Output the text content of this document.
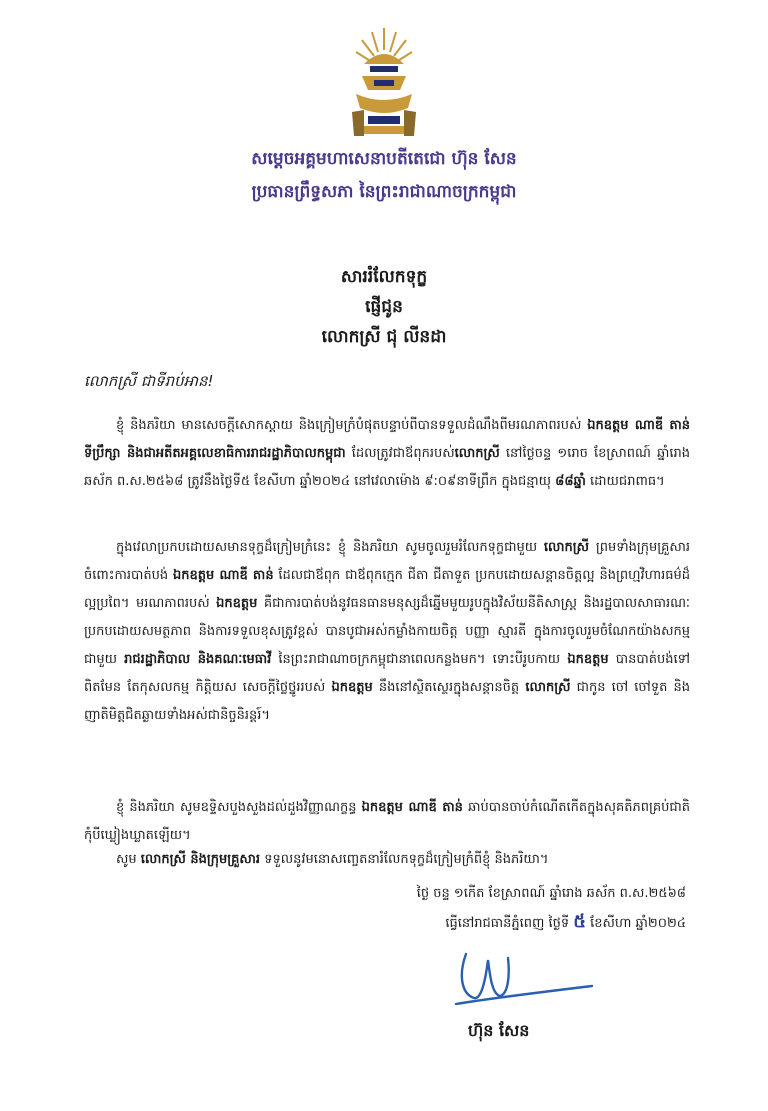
សម្តេចអគ្គមហាសេនាបតីតេជោ ហ៊ុន សែន
ប្រធានព្រឹទ្ធសភា នៃព្រះរាជាណាចក្រកម្ពុជា
សាររំលែកទុក្ខ
ផ្ញើជូន
លោកស្រី ជុ លីនដា
លោកស្រី ជាទីរាប់អាន!
ខ្ញុំ និងភរិយា មានសេចក្តីសោកស្តាយ និងក្រៀមក្រំបំផុតបន្ទាប់ពីបានទទួលដំណឹងពីមរណភាពរបស់ ឯកឧត្តម ណាឌី តាន់ ទីប្រឹក្សា និងជាអតីតអគ្គលេខាធិការរាជរដ្ឋាភិបាលកម្ពុជា ដែលត្រូវជាឪពុករបស់លោកស្រី នៅថ្ងៃចន្ទ ១រោច ខែស្រាពណ៍ ឆ្នាំរោង ឆស័ក ព.ស.២៥៦៨ ត្រូវនឹងថ្ងៃទី៥ ខែសីហា ឆ្នាំ២០២៤ នៅវេលាម៉ោង ៩:០៩នាទីព្រឹក ក្នុងជន្មាយុ ៨៨ឆ្នាំ ដោយជរាពាធ។
ក្នុងវេលាប្រកបដោយសមានទុក្ខដ៏ក្រៀមក្រំនេះ ខ្ញុំ និងភរិយា សូមចូលរួមរំលែកទុក្ខជាមួយ លោកស្រី ព្រមទាំងក្រុមគ្រួសារ ចំពោះការបាត់បង់ ឯកឧត្តម ណាឌី តាន់ ដែលជាឪពុក ជាឪពុកក្មេក ជីតា ជីតាទួត ប្រកបដោយសន្តានចិត្តល្អ និងព្រហ្មវិហារធម៌ដ៏ល្អប្រពៃ។ មរណភាពរបស់ ឯកឧត្តម គឺជាការបាត់បង់នូវធនធានមនុស្សដ៏ឆ្នើមមួយរូបក្នុងវិស័យនីតិសាស្ត្រ និងរដ្ឋបាលសាធារណៈប្រកបដោយសមត្ថភាព និងការទទួលខុសត្រូវខ្ពស់ បានបូជាអស់កម្លាំងកាយចិត្ត បញ្ញា ស្មារតី ក្នុងការចូលរួមចំណែកយ៉ាងសកម្មជាមួយ រាជរដ្ឋាភិបាល និងគណៈមេធាវី នៃព្រះរាជាណាចក្រកម្ពុជានាពេលកន្លងមក។ ទោះបីរូបកាយ ឯកឧត្តម បានបាត់បង់ទៅពិតមែន តែកុសលកម្ម កិត្តិយស សេចក្តីថ្លៃថ្នូររបស់ ឯកឧត្តម នឹងនៅស្ថិតស្ថេរក្នុងសន្តានចិត្ត លោកស្រី ជាកូន ចៅ ចៅទួត និងញាតិមិត្តជិតឆ្ងាយទាំងអស់ជានិច្ចនិរន្តរ៍។
ខ្ញុំ និងភរិយា សូមឧទ្ទិសបួងសួងដល់ដួងវិញ្ញាណក្ខន្ធ ឯកឧត្តម ណាឌី តាន់ ឆាប់បានចាប់កំណើតកើតក្នុងសុគតិភពគ្រប់ជាតិ កុំបីឃ្លៀងឃ្លាតឡើយ។
សូម លោកស្រី និងក្រុមគ្រួសារ ទទួលនូវមនោសញ្ចេតនារំលែកទុក្ខដ៏ក្រៀមក្រំពីខ្ញុំ និងភរិយា។
ថ្ងៃ ចន្ទ ១កើត ខែស្រាពណ៍ ឆ្នាំរោង ឆស័ក ព.ស.២៥៦៨
ធ្វើនៅរាជធានីភ្នំពេញ ថ្ងៃទី ៥ ខែសីហា ឆ្នាំ២០២៤
ហ៊ុន សែន
